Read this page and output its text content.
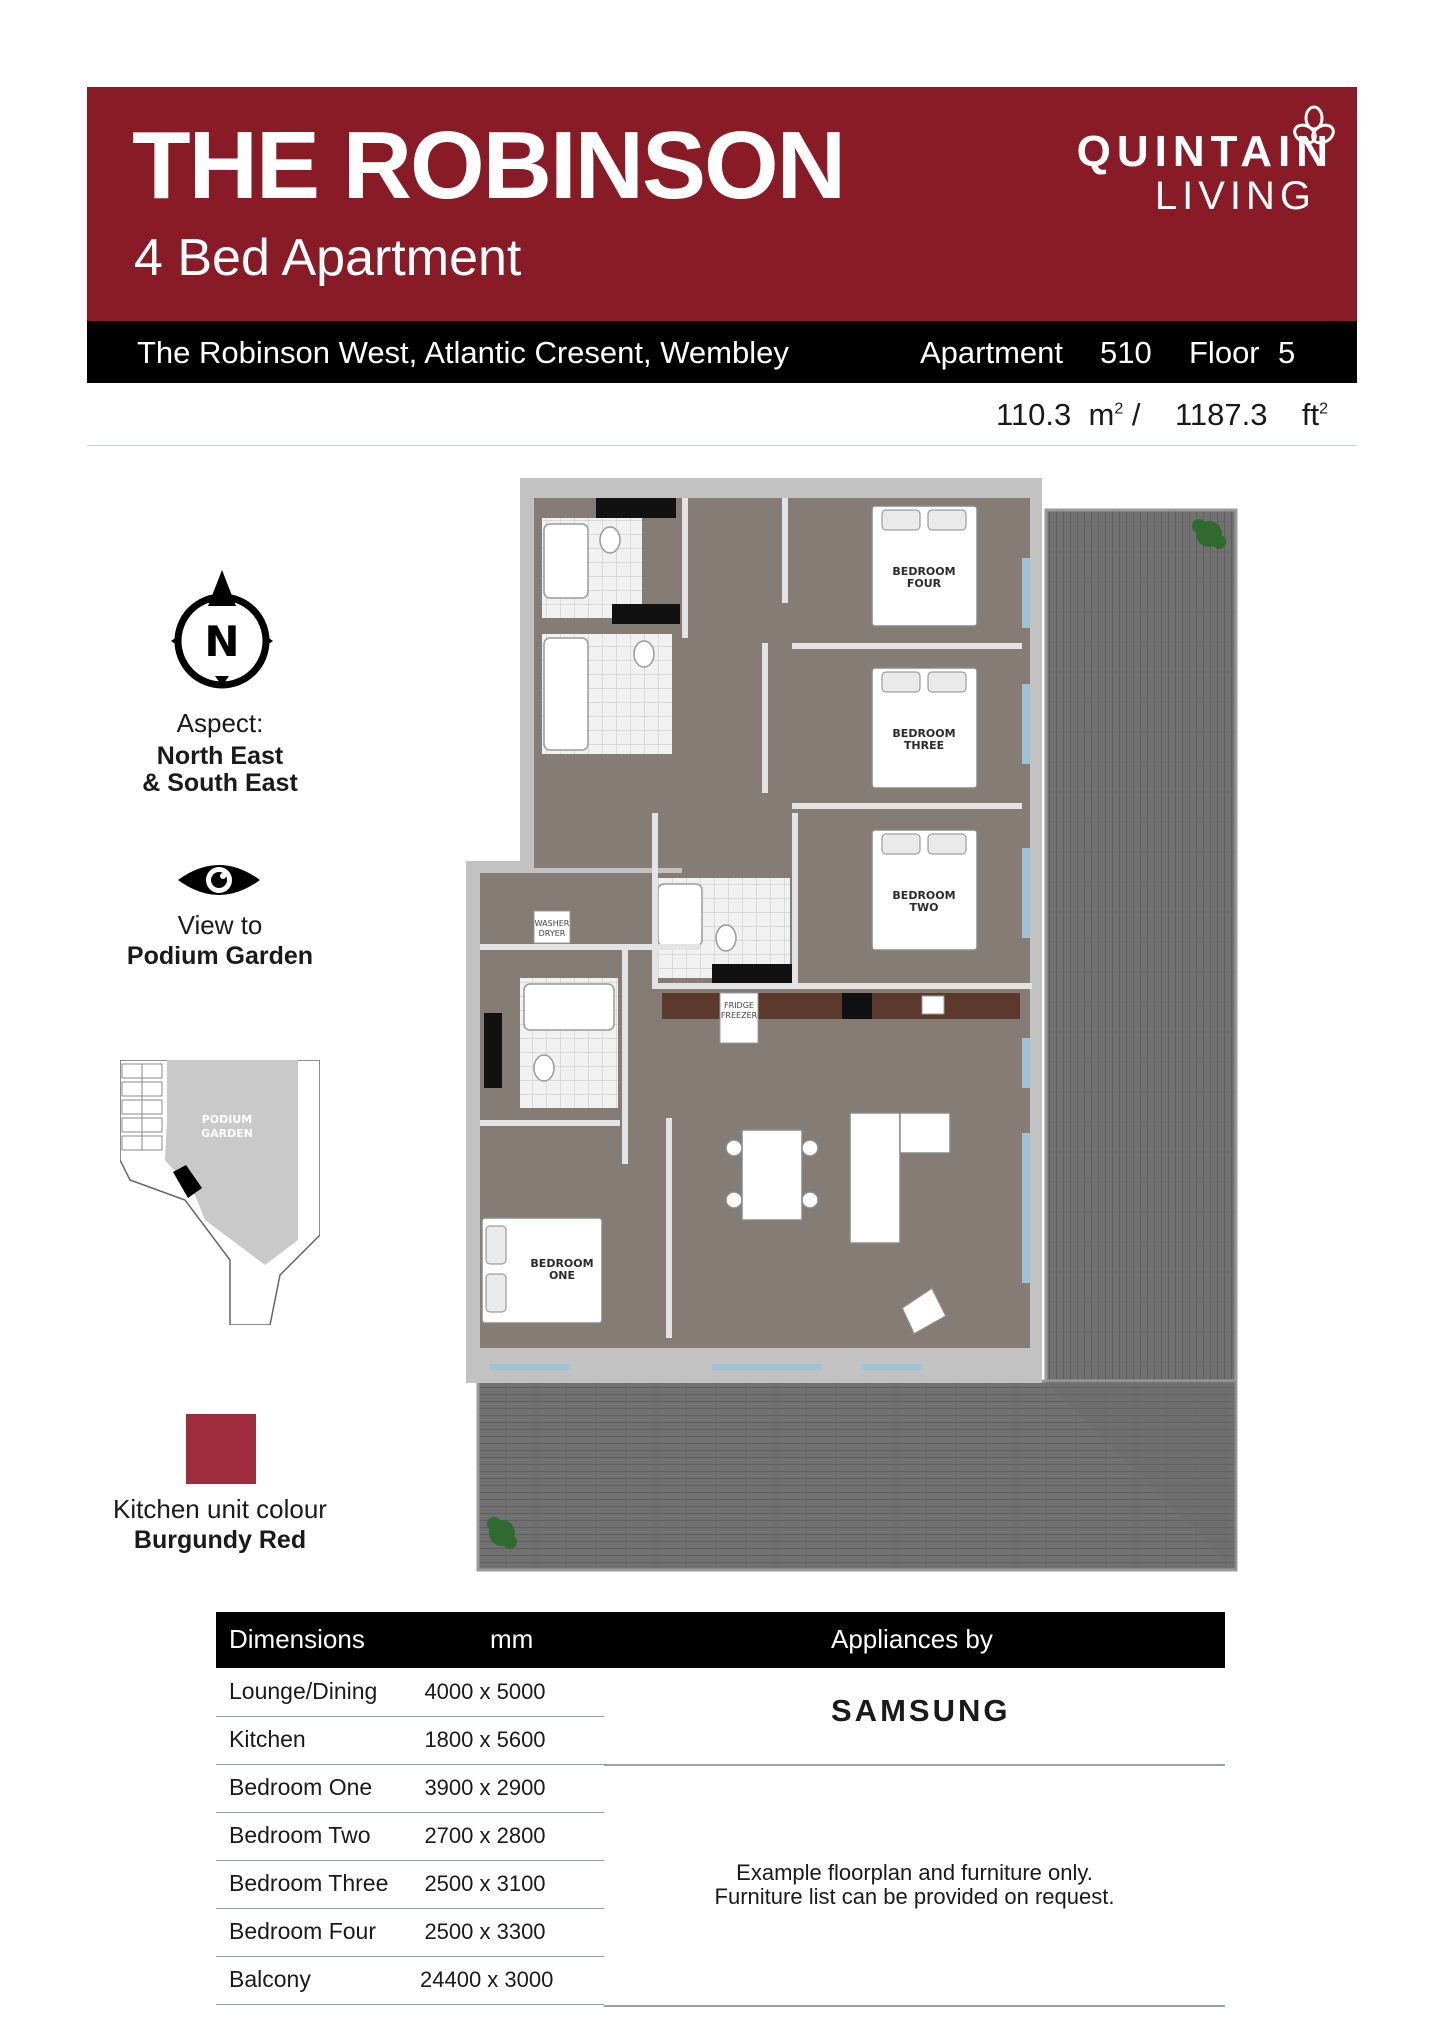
THE ROBINSON
4 Bed Apartment
QUINTAIN
LIVING
The Robinson West, Atlantic Cresent, Wembley	Apartment 510 Floor 5
110.3 $m^2 / 1187.3$ $ft^2$
N
Aspect:
North East
& South East
View to
Podium Garden
PODIUM
GARDEN
Kitchen unit colour
Burgundy Red
BEDROOM
FOUR
BEDROOM
THREE
BEDROOM
TWO
BEDROOM
ONE
WASHER
DRYER
FRIDGE
FREEZER
Dimensions	mm	Appliances by
Lounge/Dining 4000 x 5000
Kitchen	1800 x 5600
Bedroom One 3900 x 2900
Bedroom Two 2700 x 2800
Bedroom Three 2500 x 3100
Bedroom Four 2500 x 3300
Balcony	24400 x 3000
SAMSUNG
Example floorplan and furniture only.
Furniture list can be provided on request.
